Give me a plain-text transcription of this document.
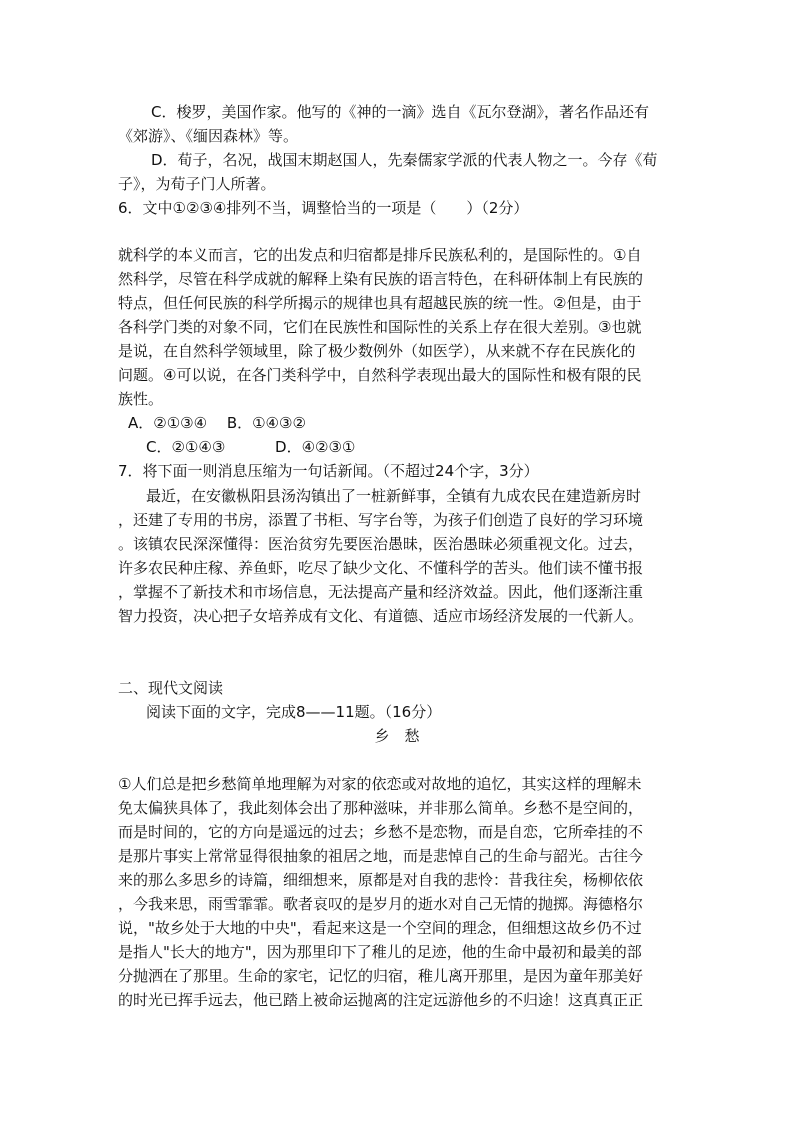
　C．梭罗，美国作家。他写的《神的一滴》选自《瓦尔登湖》，著名作品还有
《郊游》、《缅因森林》等。
　D．荀子，名况，战国末期赵国人，先秦儒家学派的代表人物之一。今存《荀
子》，为荀子门人所著。
6．文中①②③④排列不当，调整恰当的一项是（　　）（2分）
就科学的本义而言，它的出发点和归宿都是排斥民族私利的，是国际性的。①自
然科学，尽管在科学成就的解释上染有民族的语言特色，在科研体制上有民族的
特点，但任何民族的科学所揭示的规律也具有超越民族的统一性。②但是，由于
各科学门类的对象不同，它们在民族性和国际性的关系上存在很大差别。③也就
是说，在自然科学领域里，除了极少数例外（如医学），从来就不存在民族化的
问题。④可以说，在各门类科学中，自然科学表现出最大的国际性和极有限的民
族性。
A．②①③④　 B．①④③②
C．②①④③　　　 D．④②③①
7．将下面一则消息压缩为一句话新闻。（不超过24个字，3分）
最近，在安徽枞阳县汤沟镇出了一桩新鲜事，全镇有九成农民在建造新房时
，还建了专用的书房，添置了书柜、写字台等，为孩子们创造了良好的学习环境
。该镇农民深深懂得：医治贫穷先要医治愚昧，医治愚昧必须重视文化。过去，
许多农民种庄稼、养鱼虾，吃尽了缺少文化、不懂科学的苦头。他们读不懂书报
，掌握不了新技术和市场信息，无法提高产量和经济效益。因此，他们逐渐注重
智力投资，决心把子女培养成有文化、有道德、适应市场经济发展的一代新人。
二、现代文阅读
阅读下面的文字，完成8——11题。（16分）
乡　愁
①人们总是把乡愁简单地理解为对家的依恋或对故地的追忆，其实这样的理解未
免太偏狭具体了，我此刻体会出了那种滋味，并非那么简单。乡愁不是空间的，
而是时间的，它的方向是遥远的过去；乡愁不是恋物，而是自恋，它所牵挂的不
是那片事实上常常显得很抽象的祖居之地，而是悲悼自己的生命与韶光。古往今
来的那么多思乡的诗篇，细细想来，原都是对自我的悲怜：昔我往矣，杨柳依依
，今我来思，雨雪霏霏。歌者哀叹的是岁月的逝水对自己无情的抛掷。海德格尔
说，"故乡处于大地的中央"，看起来这是一个空间的理念，但细想这故乡仍不过
是指人"长大的地方"，因为那里印下了稚儿的足迹，他的生命中最初和最美的部
分抛洒在了那里。生命的家宅，记忆的归宿，稚儿离开那里，是因为童年那美好
的时光已挥手远去，他已踏上被命运抛离的注定远游他乡的不归途！这真真正正
